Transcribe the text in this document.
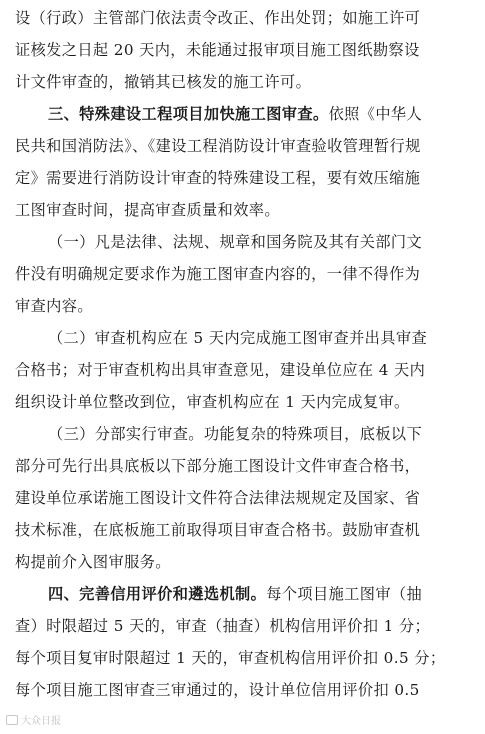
设（行政）主管部门依法责令改正、作出处罚；如施工许可
证核发之日起 20 天内，未能通过报审项目施工图纸勘察设
计文件审查的，撤销其已核发的施工许可。
三、特殊建设工程项目加快施工图审查。依照《中华人
民共和国消防法》、《建设工程消防设计审查验收管理暂行规
定》需要进行消防设计审查的特殊建设工程，要有效压缩施
工图审查时间，提高审查质量和效率。
（一）凡是法律、法规、规章和国务院及其有关部门文
件没有明确规定要求作为施工图审查内容的，一律不得作为
审查内容。
（二）审查机构应在 5 天内完成施工图审查并出具审查
合格书；对于审查机构出具审查意见，建设单位应在 4 天内
组织设计单位整改到位，审查机构应在 1 天内完成复审。
（三）分部实行审查。功能复杂的特殊项目，底板以下
部分可先行出具底板以下部分施工图设计文件审查合格书，
建设单位承诺施工图设计文件符合法律法规规定及国家、省
技术标准，在底板施工前取得项目审查合格书。鼓励审查机
构提前介入图审服务。
四、完善信用评价和遴选机制。每个项目施工图审（抽
查）时限超过 5 天的，审查（抽查）机构信用评价扣 1 分；
每个项目复审时限超过 1 天的，审查机构信用评价扣 0.5 分；
每个项目施工图审查三审通过的，设计单位信用评价扣 0.5
大众日报
